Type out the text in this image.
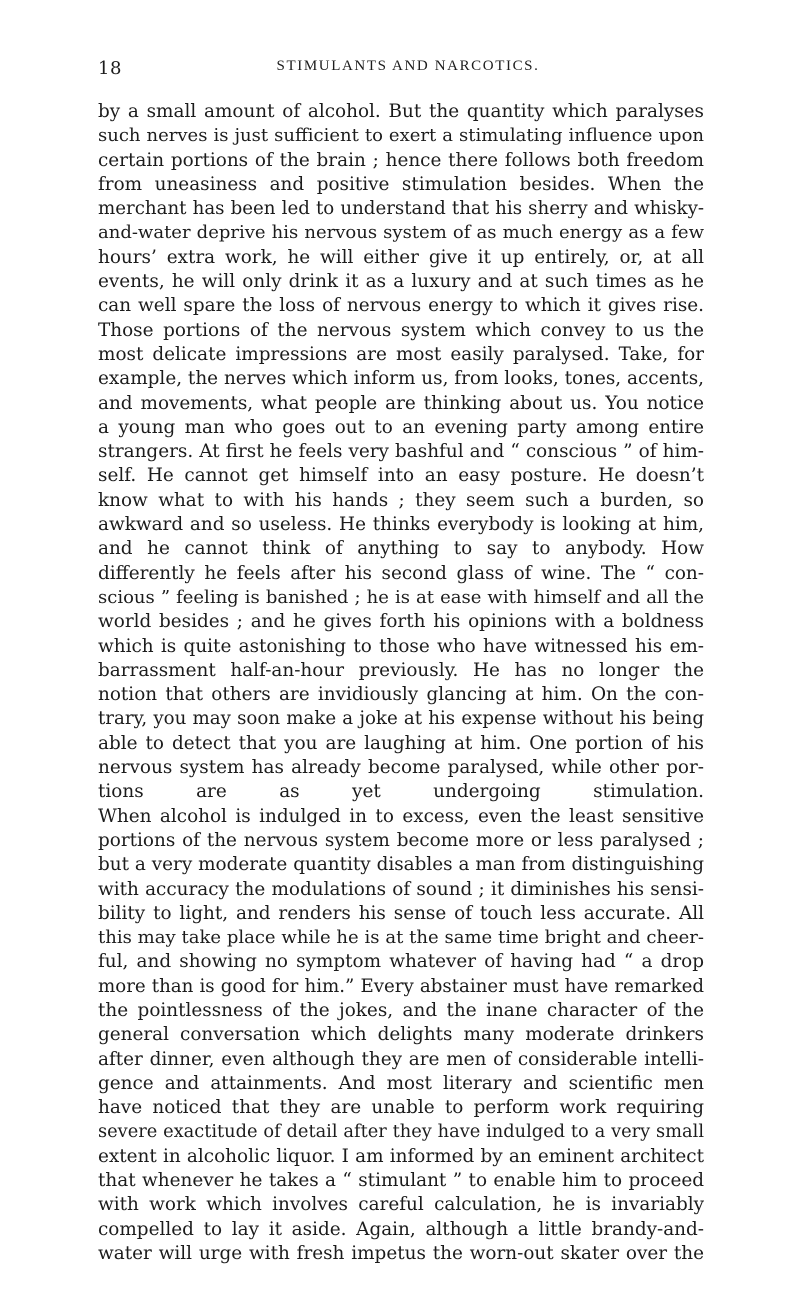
18	STIMULANTS AND NARCOTICS.
by a small amount of alcohol. But the quantity which paralyses
such nerves is just sufficient to exert a stimulating influence upon
certain portions of the brain ; hence there follows both freedom
from uneasiness and positive stimulation besides. When the
merchant has been led to understand that his sherry and whisky-
and-water deprive his nervous system of as much energy as a few
hours’ extra work, he will either give it up entirely, or, at all
events, he will only drink it as a luxury and at such times as he
can well spare the loss of nervous energy to which it gives rise.
Those portions of the nervous system which convey to us the
most delicate impressions are most easily paralysed. Take, for
example, the nerves which inform us, from looks, tones, accents,
and movements, what people are thinking about us. You notice
a young man who goes out to an evening party among entire
strangers. At first he feels very bashful and “ conscious ” of him-
self. He cannot get himself into an easy posture. He doesn’t
know what to with his hands ; they seem such a burden, so
awkward and so useless. He thinks everybody is looking at him,
and he cannot think of anything to say to anybody. How
differently he feels after his second glass of wine. The “ con-
scious ” feeling is banished ; he is at ease with himself and all the
world besides ; and he gives forth his opinions with a boldness
which is quite astonishing to those who have witnessed his em-
barrassment half-an-hour previously. He has no longer the
notion that others are invidiously glancing at him. On the con-
trary, you may soon make a joke at his expense without his being
able to detect that you are laughing at him. One portion of his
nervous system has already become paralysed, while other por-
tions are as yet undergoing stimulation.
When alcohol is indulged in to excess, even the least sensitive
portions of the nervous system become more or less paralysed ;
but a very moderate quantity disables a man from distinguishing
with accuracy the modulations of sound ; it diminishes his sensi-
bility to light, and renders his sense of touch less accurate. All
this may take place while he is at the same time bright and cheer-
ful, and showing no symptom whatever of having had “ a drop
more than is good for him.” Every abstainer must have remarked
the pointlessness of the jokes, and the inane character of the
general conversation which delights many moderate drinkers
after dinner, even although they are men of considerable intelli-
gence and attainments. And most literary and scientific men
have noticed that they are unable to perform work requiring
severe exactitude of detail after they have indulged to a very small
extent in alcoholic liquor. I am informed by an eminent architect
that whenever he takes a “ stimulant ” to enable him to proceed
with work which involves careful calculation, he is invariably
compelled to lay it aside. Again, although a little brandy-and-
water will urge with fresh impetus the worn-out skater over the
